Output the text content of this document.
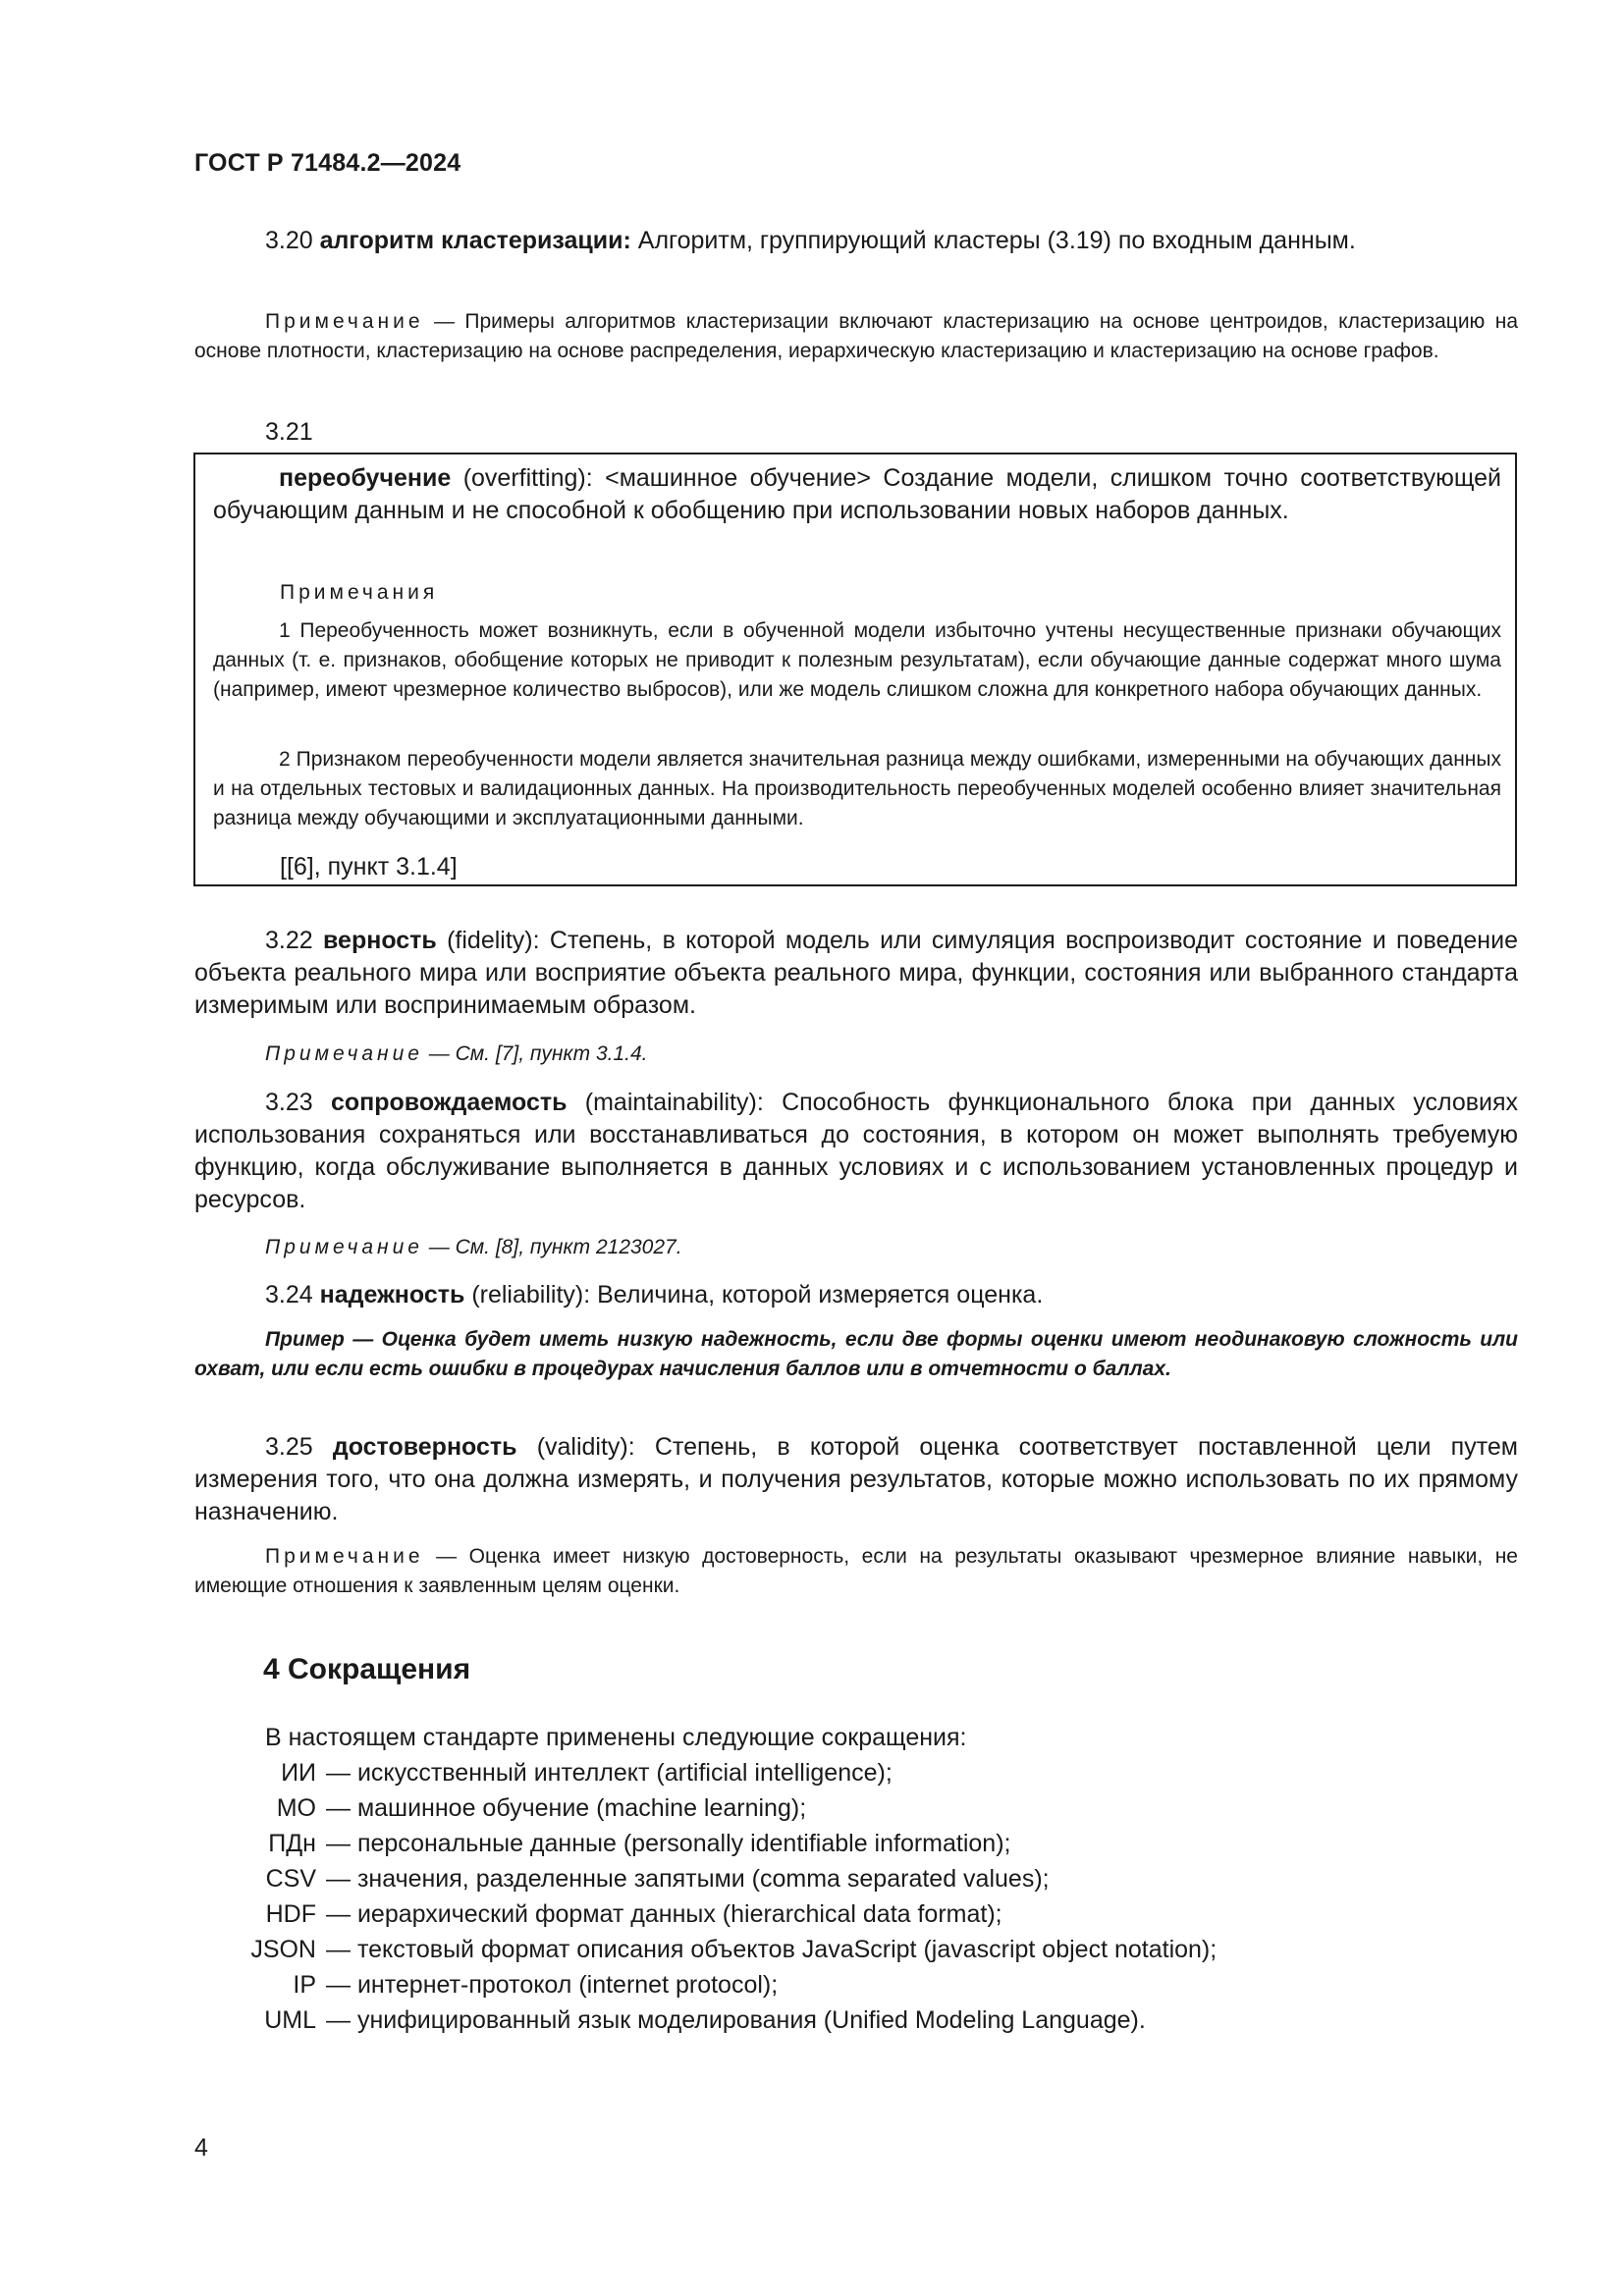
ГОСТ Р 71484.2—2024
3.20 алгоритм кластеризации: Алгоритм, группирующий кластеры (3.19) по входным данным.
Примечание — Примеры алгоритмов кластеризации включают кластеризацию на основе центроидов, кластеризацию на основе плотности, кластеризацию на основе распределения, иерархическую кластеризацию и кластеризацию на основе графов.
3.21
переобучение (overfitting): <машинное обучение> Создание модели, слишком точно соответствующей обучающим данным и не способной к обобщению при использовании новых наборов данных.
Примечания
1 Переобученность может возникнуть, если в обученной модели избыточно учтены несущественные признаки обучающих данных (т. е. признаков, обобщение которых не приводит к полезным результатам), если обучающие данные содержат много шума (например, имеют чрезмерное количество выбросов), или же модель слишком сложна для конкретного набора обучающих данных.
2 Признаком переобученности модели является значительная разница между ошибками, измеренными на обучающих данных и на отдельных тестовых и валидационных данных. На производительность переобученных моделей особенно влияет значительная разница между обучающими и эксплуатационными данными.
[[6], пункт 3.1.4]
3.22 верность (fidelity): Степень, в которой модель или симуляция воспроизводит состояние и поведение объекта реального мира или восприятие объекта реального мира, функции, состояния или выбранного стандарта измеримым или воспринимаемым образом.
Примечание — См. [7], пункт 3.1.4.
3.23 сопровождаемость (maintainability): Способность функционального блока при данных условиях использования сохраняться или восстанавливаться до состояния, в котором он может выполнять требуемую функцию, когда обслуживание выполняется в данных условиях и с использованием установленных процедур и ресурсов.
Примечание — См. [8], пункт 2123027.
3.24 надежность (reliability): Величина, которой измеряется оценка.
Пример — Оценка будет иметь низкую надежность, если две формы оценки имеют неодинаковую сложность или охват, или если есть ошибки в процедурах начисления баллов или в отчетности о баллах.
3.25 достоверность (validity): Степень, в которой оценка соответствует поставленной цели путем измерения того, что она должна измерять, и получения результатов, которые можно использовать по их прямому назначению.
Примечание — Оценка имеет низкую достоверность, если на результаты оказывают чрезмерное влияние навыки, не имеющие отношения к заявленным целям оценки.
4 Сокращения
В настоящем стандарте применены следующие сокращения:
ИИ — искусственный интеллект (artificial intelligence);
МО — машинное обучение (machine learning);
ПДн — персональные данные (personally identifiable information);
CSV — значения, разделенные запятыми (comma separated values);
HDF — иерархический формат данных (hierarchical data format);
JSON — текстовый формат описания объектов JavaScript (javascript object notation);
IP — интернет-протокол (internet protocol);
UML — унифицированный язык моделирования (Unified Modeling Language).
4
